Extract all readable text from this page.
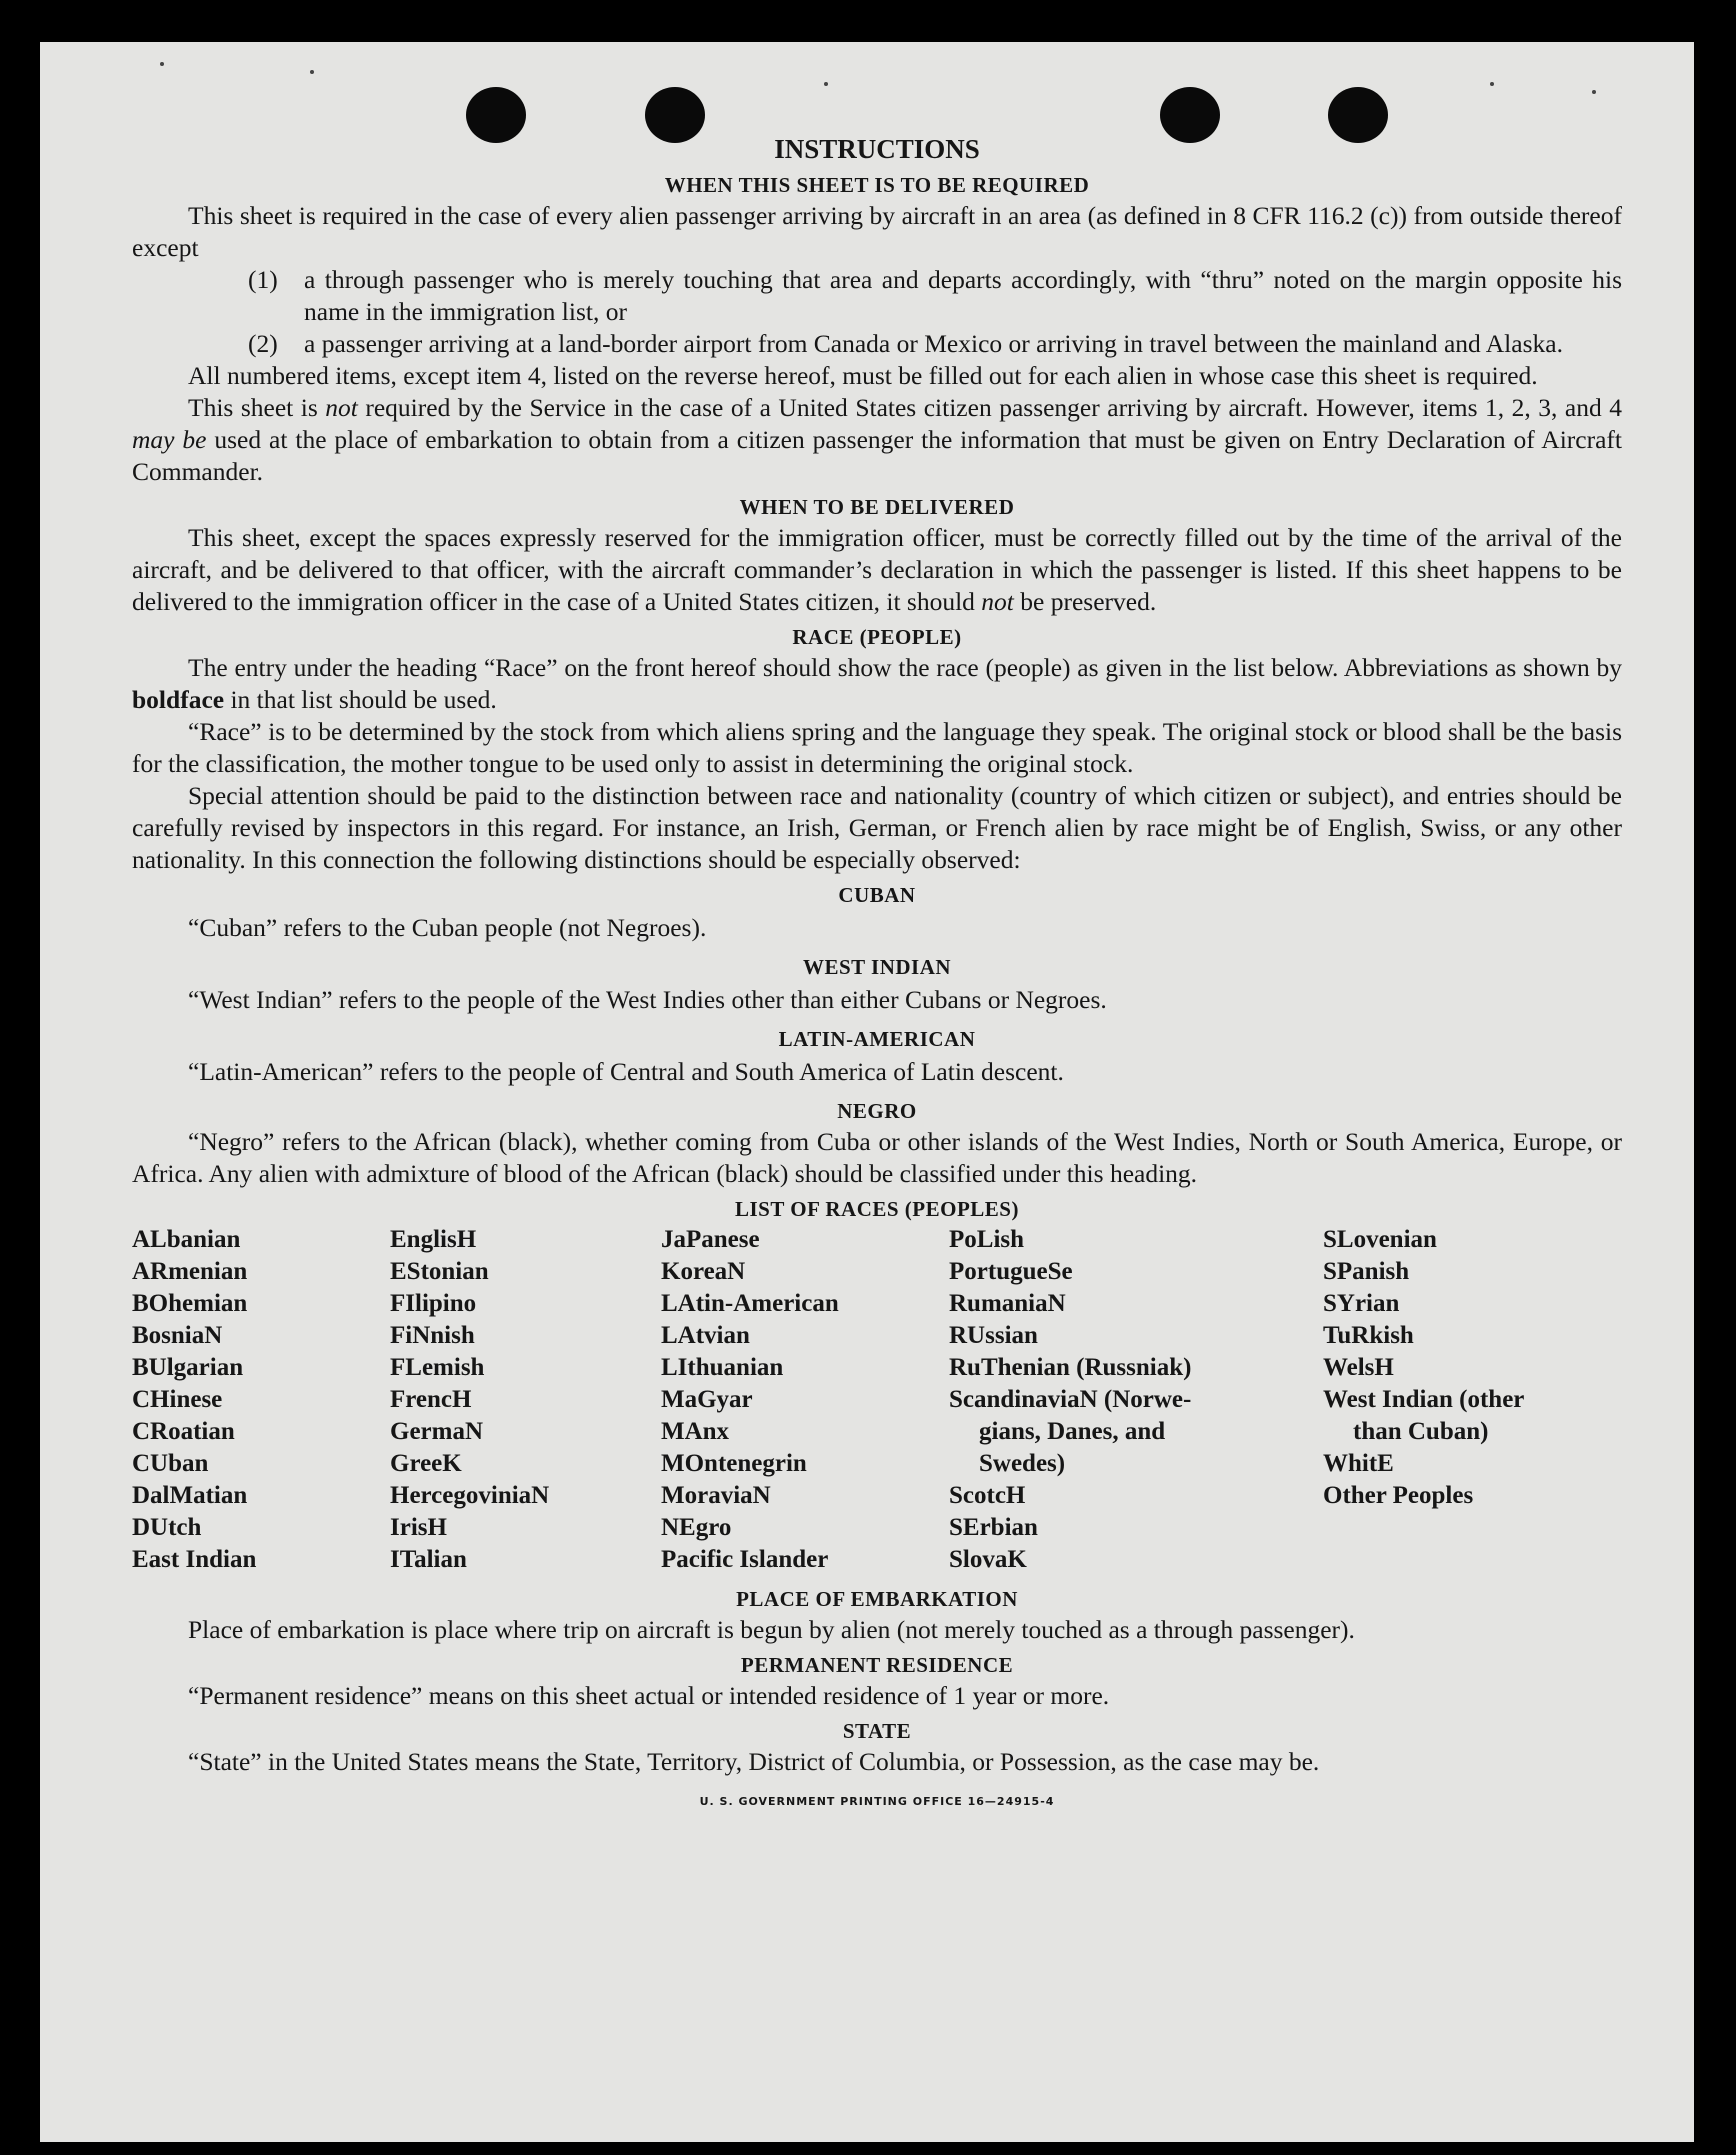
INSTRUCTIONS
WHEN THIS SHEET IS TO BE REQUIRED

This sheet is required in the case of every alien passenger arriving by aircraft in an area (as defined in 8 CFR 116.2 (c)) from outside thereof except

(1)	a through passenger who is merely touching that area and departs accordingly, with “thru” noted on the margin opposite his name in the immigration list, or
(2)	a passenger arriving at a land-border airport from Canada or Mexico or arriving in travel between the mainland and Alaska.

All numbered items, except item 4, listed on the reverse hereof, must be filled out for each alien in whose case this sheet is required.

This sheet is not required by the Service in the case of a United States citizen passenger arriving by aircraft. However, items 1, 2, 3, and 4 may be used at the place of embarkation to obtain from a citizen passenger the information that must be given on Entry Declaration of Aircraft Commander.

WHEN TO BE DELIVERED

This sheet, except the spaces expressly reserved for the immigration officer, must be correctly filled out by the time of the arrival of the aircraft, and be delivered to that officer, with the aircraft commander’s declaration in which the passenger is listed. If this sheet happens to be delivered to the immigration officer in the case of a United States citizen, it should not be preserved.

RACE (PEOPLE)

The entry under the heading “Race” on the front hereof should show the race (people) as given in the list below. Abbreviations as shown by boldface in that list should be used.

“Race” is to be determined by the stock from which aliens spring and the language they speak. The original stock or blood shall be the basis for the classification, the mother tongue to be used only to assist in determining the original stock.

Special attention should be paid to the distinction between race and nationality (country of which citizen or subject), and entries should be carefully revised by inspectors in this regard. For instance, an Irish, German, or French alien by race might be of English, Swiss, or any other nationality. In this connection the following distinctions should be especially observed:

CUBAN

“Cuban” refers to the Cuban people (not Negroes).

WEST INDIAN

“West Indian” refers to the people of the West Indies other than either Cubans or Negroes.

LATIN-AMERICAN

“Latin-American” refers to the people of Central and South America of Latin descent.

NEGRO

“Negro” refers to the African (black), whether coming from Cuba or other islands of the West Indies, North or South America, Europe, or Africa. Any alien with admixture of blood of the African (black) should be classified under this heading.

LIST OF RACES (PEOPLES)
ALbanian	EnglisH	JaPanese	PoLish	SLovenian
ARmenian	EStonian	KoreaN	PortugueSe	SPanish
BOhemian	FIlipino	LAtin-American	RumaniaN	SYrian
BosniaN	FiNnish	LAtvian	RUssian	TuRkish
BUlgarian	FLemish	LIthuanian	RuThenian (Russniak)	WelsH
CHinese	FrencH	MaGyar	ScandinaviaN (Norwe-	West Indian (other
CRoatian	GermaN	MAnx	gians, Danes, and	than Cuban)
CUban	GreeK	MOntenegrin	Swedes)	WhitE
DalMatian	HercegoviniaN	MoraviaN	ScotcH	Other Peoples
DUtch	IrisH	NEgro	SErbian
East Indian	ITalian	Pacific Islander	SlovaK
PLACE OF EMBARKATION

Place of embarkation is place where trip on aircraft is begun by alien (not merely touched as a through passenger).

PERMANENT RESIDENCE

“Permanent residence” means on this sheet actual or intended residence of 1 year or more.

STATE

“State” in the United States means the State, Territory, District of Columbia, or Possession, as the case may be.

U. S. GOVERNMENT PRINTING OFFICE 16—24915-4
